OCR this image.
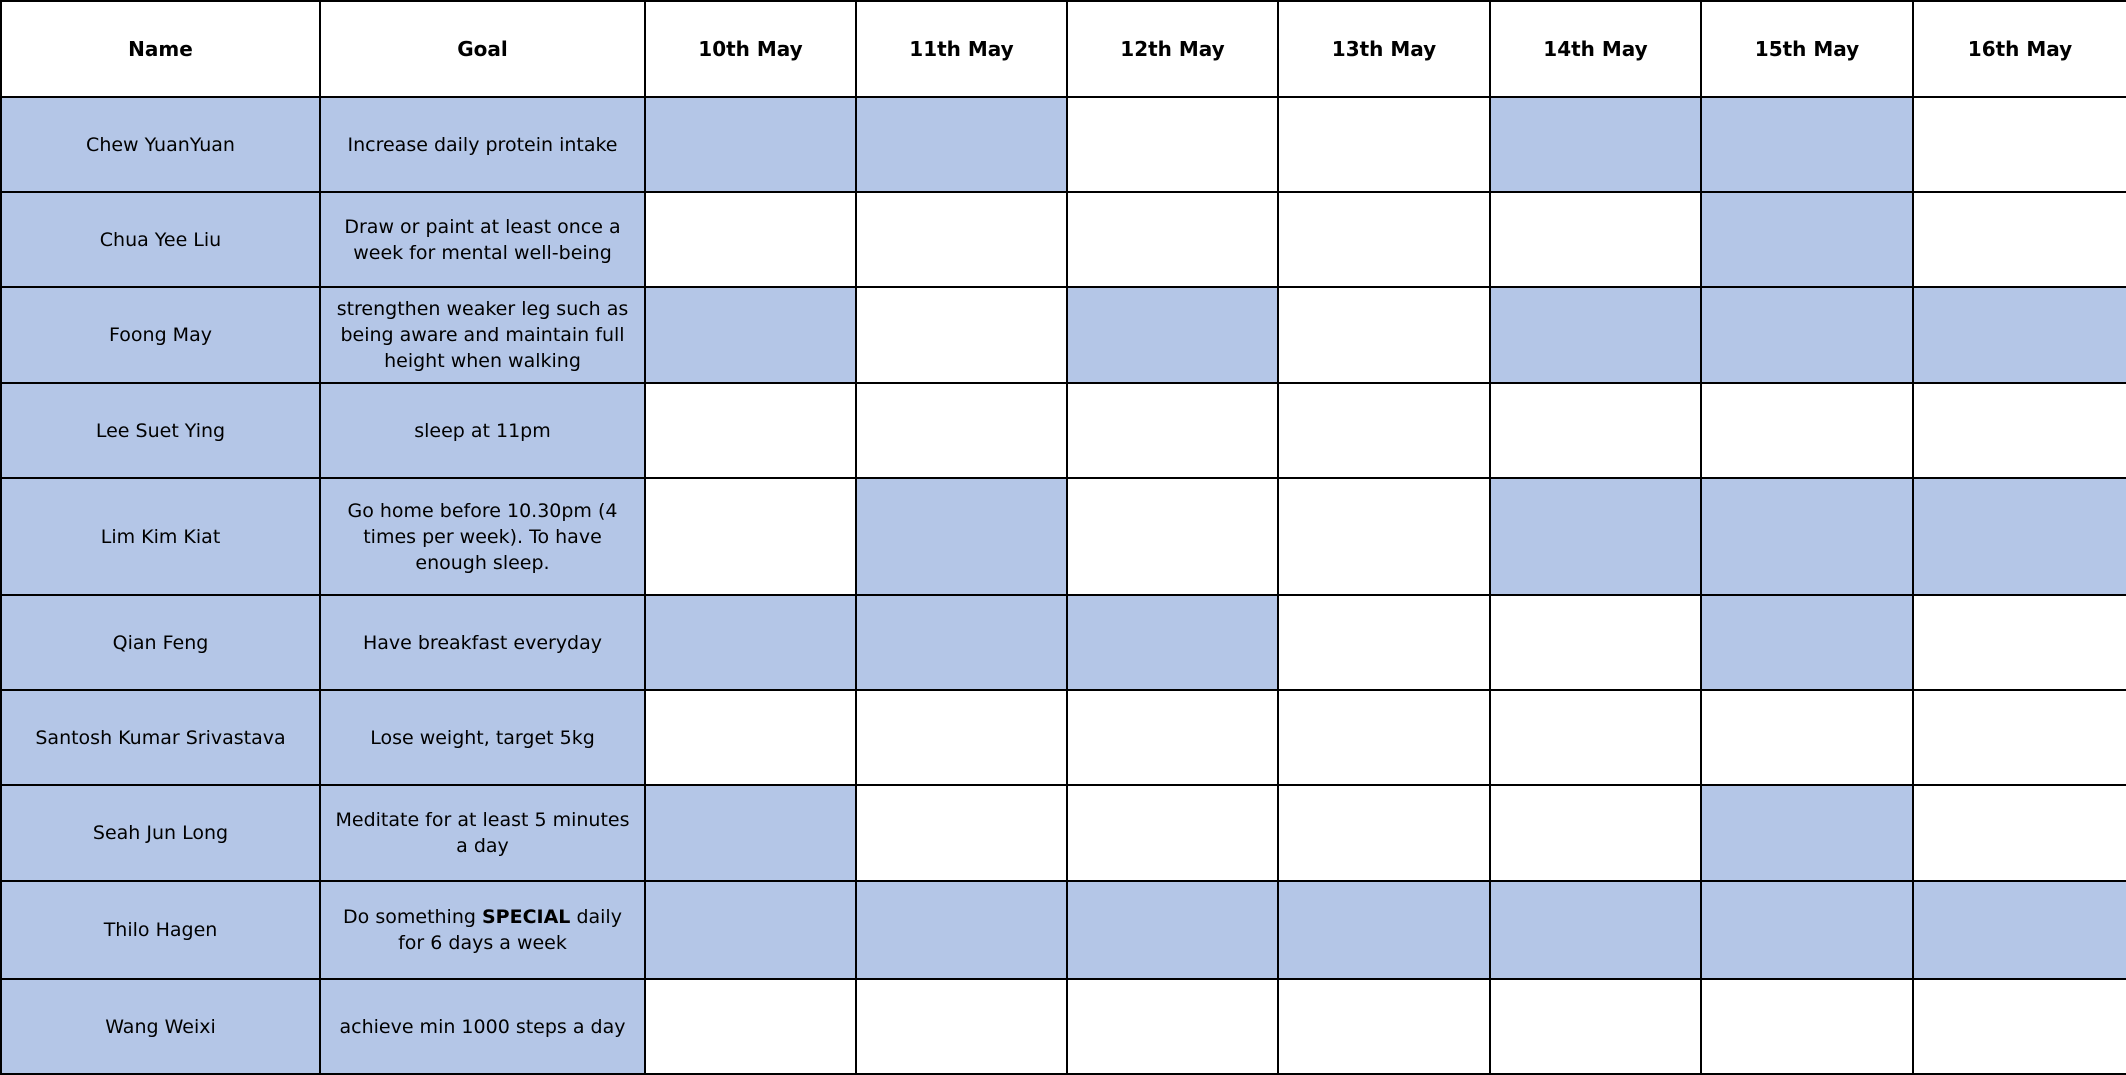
Name	Goal	10th May	11th May	12th May	13th May	14th May	15th May	16th May
Chew YuanYuan	Increase daily protein intake							
Chua Yee Liu	Draw or paint at least once a week for mental well-being							
Foong May	strengthen weaker leg such as being aware and maintain full height when walking							
Lee Suet Ying	sleep at 11pm							
Lim Kim Kiat	Go home before 10.30pm (4 times per week). To have enough sleep.							
Qian Feng	Have breakfast everyday							
Santosh Kumar Srivastava	Lose weight, target 5kg							
Seah Jun Long	Meditate for at least 5 minutes a day							
Thilo Hagen	Do something SPECIAL daily for 6 days a week							
Wang Weixi	achieve min 1000 steps a day							
